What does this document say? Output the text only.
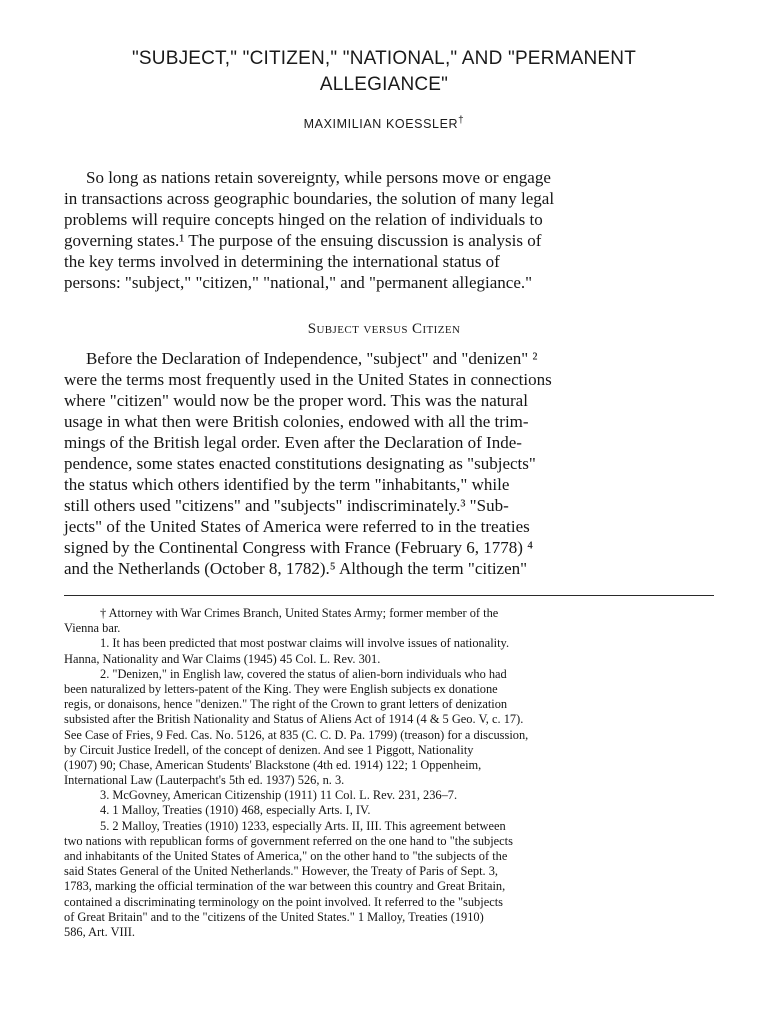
"SUBJECT," "CITIZEN," "NATIONAL," AND "PERMANENT
ALLEGIANCE"
MAXIMILIAN KOESSLER†
So long as nations retain sovereignty, while persons move or engage
in transactions across geographic boundaries, the solution of many legal
problems will require concepts hinged on the relation of individuals to
governing states.¹ The purpose of the ensuing discussion is analysis of
the key terms involved in determining the international status of
persons: "subject," "citizen," "national," and "permanent allegiance."
Subject versus Citizen
Before the Declaration of Independence, "subject" and "denizen" ²
were the terms most frequently used in the United States in connections
where "citizen" would now be the proper word. This was the natural
usage in what then were British colonies, endowed with all the trim-
mings of the British legal order. Even after the Declaration of Inde-
pendence, some states enacted constitutions designating as "subjects"
the status which others identified by the term "inhabitants," while
still others used "citizens" and "subjects" indiscriminately.³ "Sub-
jects" of the United States of America were referred to in the treaties
signed by the Continental Congress with France (February 6, 1778) ⁴
and the Netherlands (October 8, 1782).⁵ Although the term "citizen"
† Attorney with War Crimes Branch, United States Army; former member of the
Vienna bar.
1. It has been predicted that most postwar claims will involve issues of nationality.
Hanna, Nationality and War Claims (1945) 45 Col. L. Rev. 301.
2. "Denizen," in English law, covered the status of alien-born individuals who had
been naturalized by letters-patent of the King. They were English subjects ex donatione
regis, or donaisons, hence "denizen." The right of the Crown to grant letters of denization
subsisted after the British Nationality and Status of Aliens Act of 1914 (4 & 5 Geo. V, c. 17).
See Case of Fries, 9 Fed. Cas. No. 5126, at 835 (C. C. D. Pa. 1799) (treason) for a discussion,
by Circuit Justice Iredell, of the concept of denizen. And see 1 Piggott, Nationality
(1907) 90; Chase, American Students' Blackstone (4th ed. 1914) 122; 1 Oppenheim,
International Law (Lauterpacht's 5th ed. 1937) 526, n. 3.
3. McGovney, American Citizenship (1911) 11 Col. L. Rev. 231, 236–7.
4. 1 Malloy, Treaties (1910) 468, especially Arts. I, IV.
5. 2 Malloy, Treaties (1910) 1233, especially Arts. II, III. This agreement between
two nations with republican forms of government referred on the one hand to "the subjects
and inhabitants of the United States of America," on the other hand to "the subjects of the
said States General of the United Netherlands." However, the Treaty of Paris of Sept. 3,
1783, marking the official termination of the war between this country and Great Britain,
contained a discriminating terminology on the point involved. It referred to the "subjects
of Great Britain" and to the "citizens of the United States." 1 Malloy, Treaties (1910)
586, Art. VIII.
